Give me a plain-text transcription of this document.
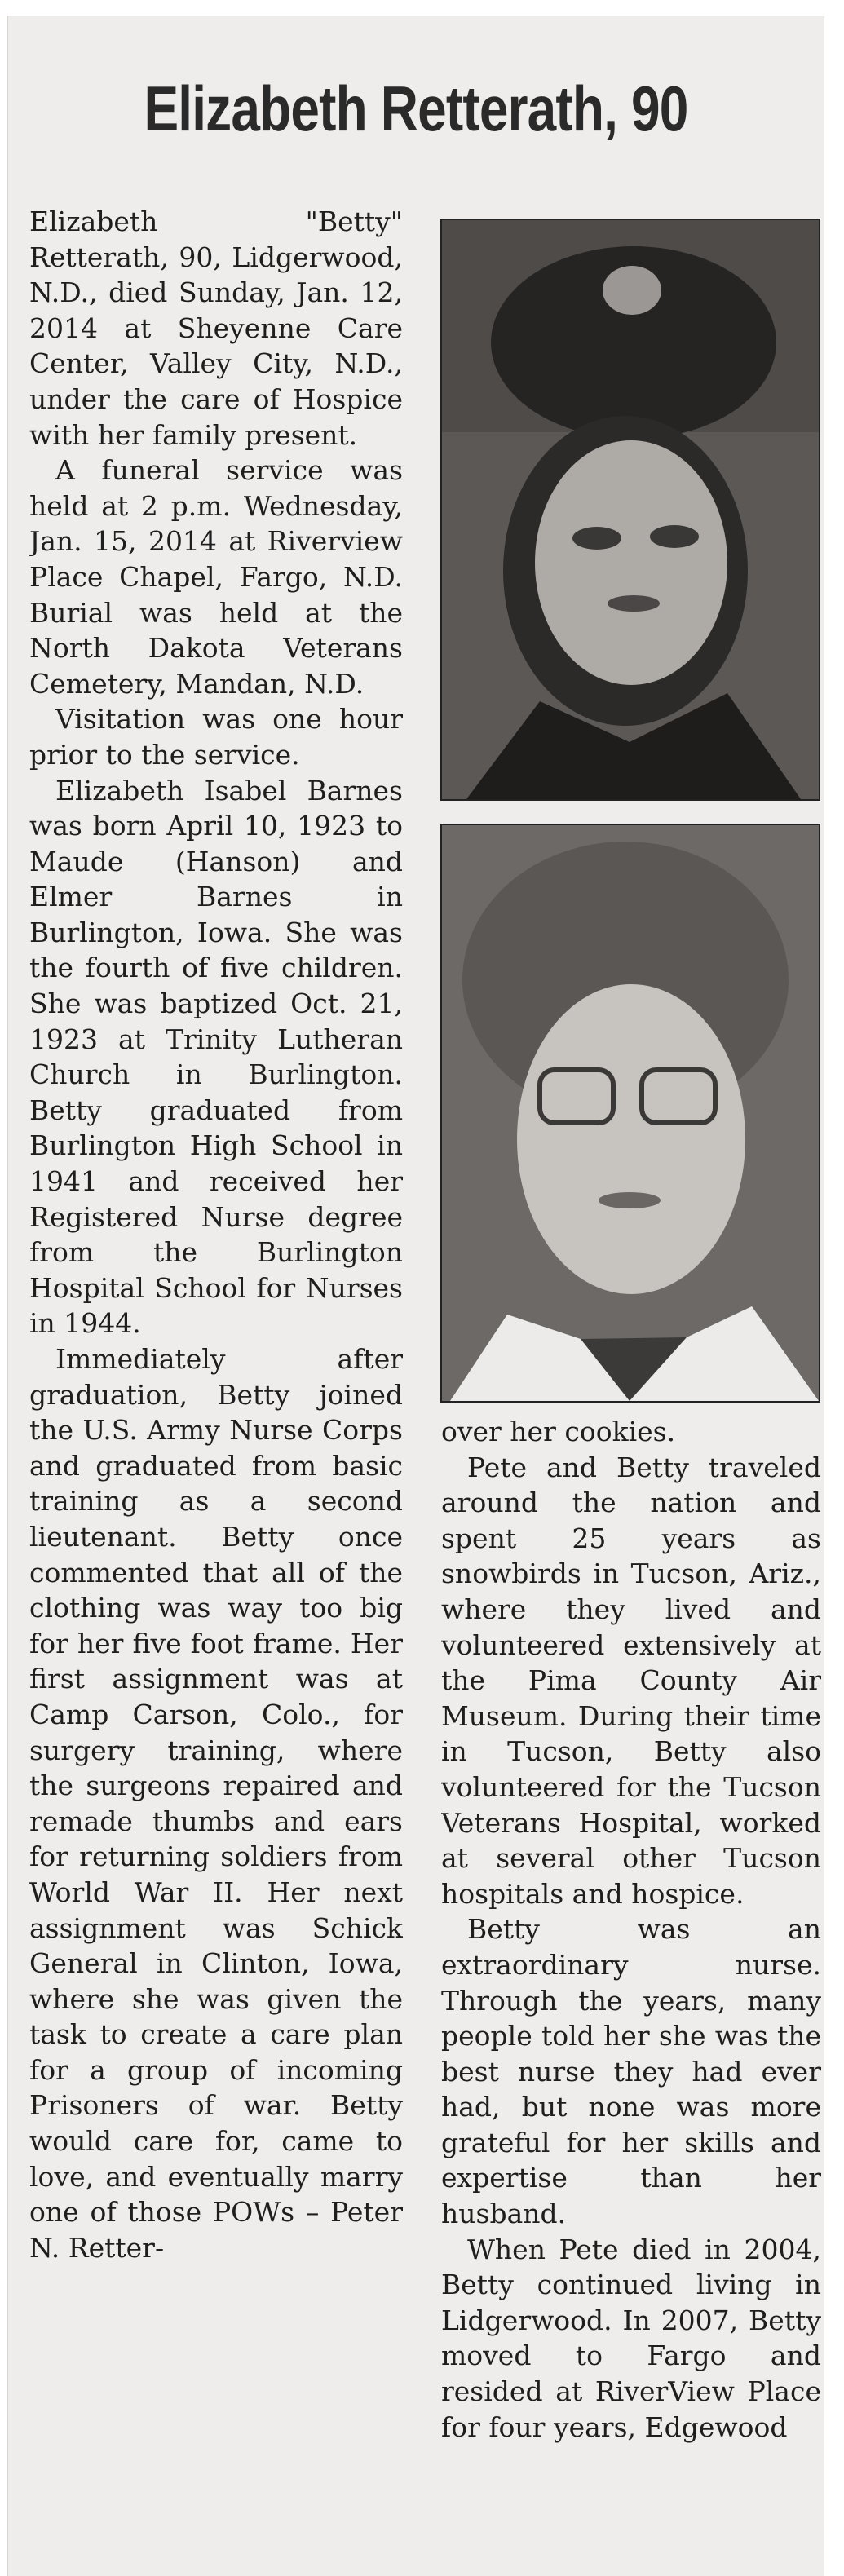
Elizabeth Retterath, 90

Elizabeth "Betty" Retterath, 90, Lidgerwood, N.D., died Sunday, Jan. 12, 2014 at Sheyenne Care Center, Valley City, N.D., under the care of Hospice with her family present.

A funeral service was held at 2 p.m. Wednesday, Jan. 15, 2014 at Riverview Place Chapel, Fargo, N.D. Burial was held at the North Dakota Veterans Cemetery, Mandan, N.D.

Visitation was one hour prior to the service.

Elizabeth Isabel Barnes was born April 10, 1923 to Maude (Hanson) and Elmer Barnes in Burlington, Iowa. She was the fourth of five children. She was baptized Oct. 21, 1923 at Trinity Lutheran Church in Burlington. Betty graduated from Burlington High School in 1941 and received her Registered Nurse degree from the Burlington Hospital School for Nurses in 1944.

Immediately after graduation, Betty joined the U.S. Army Nurse Corps and graduated from basic training as a second lieutenant. Betty once commented that all of the clothing was way too big for her five foot frame. Her first assignment was at Camp Carson, Colo., for surgery training, where the surgeons repaired and remade thumbs and ears for returning soldiers from World War II. Her next assignment was Schick General in Clinton, Iowa, where she was given the task to create a care plan for a group of incoming Prisoners of war. Betty would care for, came to love, and eventually marry one of those POWs – Peter N. Retter-

over her cookies.

Pete and Betty traveled around the nation and spent 25 years as snowbirds in Tucson, Ariz., where they lived and volunteered extensively at the Pima County Air Museum. During their time in Tucson, Betty also volunteered for the Tucson Veterans Hospital, worked at several other Tucson hospitals and hospice.

Betty was an extraordinary nurse. Through the years, many people told her she was the best nurse they had ever had, but none was more grateful for her skills and expertise than her husband.

When Pete died in 2004, Betty continued living in Lidgerwood. In 2007, Betty moved to Fargo and resided at RiverView Place for four years, Edgewood
